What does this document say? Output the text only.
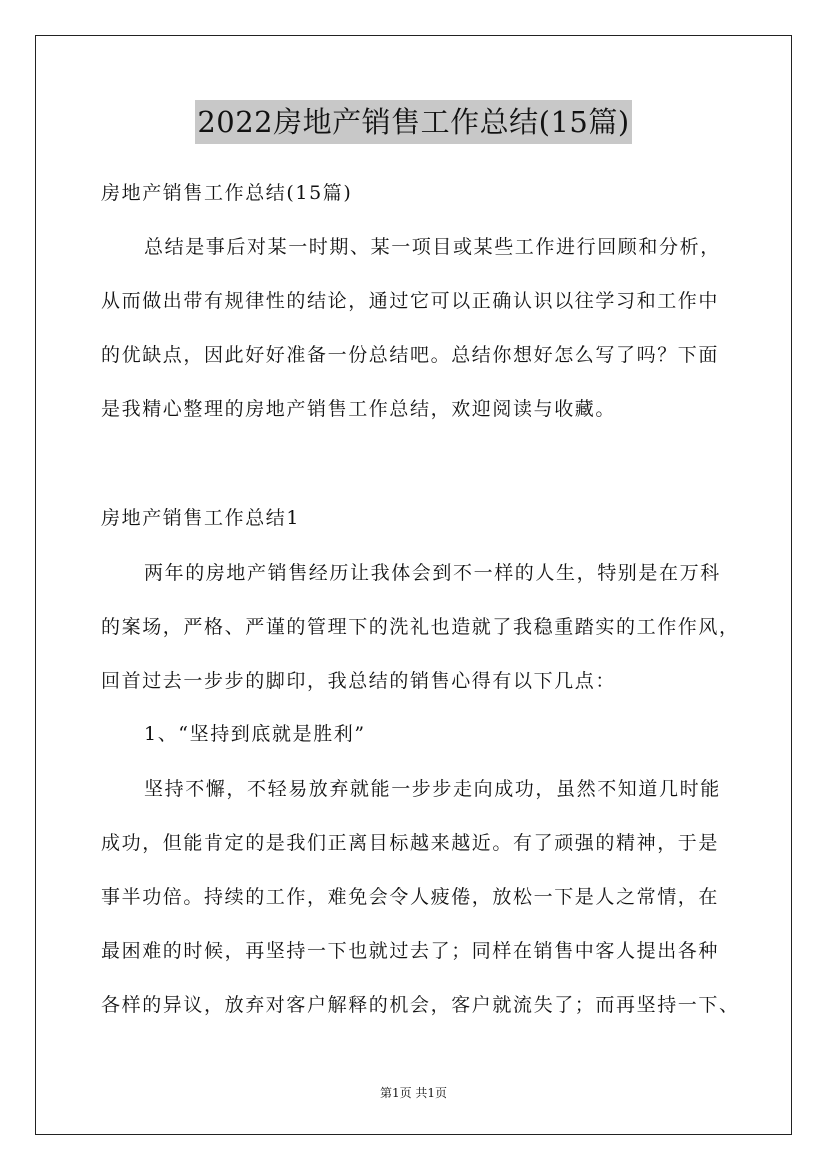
2022房地产销售工作总结(15篇)
房地产销售工作总结(15篇)
总结是事后对某一时期、某一项目或某些工作进行回顾和分析，
从而做出带有规律性的结论，通过它可以正确认识以往学习和工作中
的优缺点，因此好好准备一份总结吧。总结你想好怎么写了吗？下面
是我精心整理的房地产销售工作总结，欢迎阅读与收藏。
房地产销售工作总结1
两年的房地产销售经历让我体会到不一样的人生，特别是在万科
的案场，严格、严谨的管理下的洗礼也造就了我稳重踏实的工作作风，
回首过去一步步的脚印，我总结的销售心得有以下几点：
1、“坚持到底就是胜利”
坚持不懈，不轻易放弃就能一步步走向成功，虽然不知道几时能
成功，但能肯定的是我们正离目标越来越近。有了顽强的精神，于是
事半功倍。持续的工作，难免会令人疲倦，放松一下是人之常情，在
最困难的时候，再坚持一下也就过去了；同样在销售中客人提出各种
各样的异议，放弃对客户解释的机会，客户就流失了；而再坚持一下、
第1页 共1页
